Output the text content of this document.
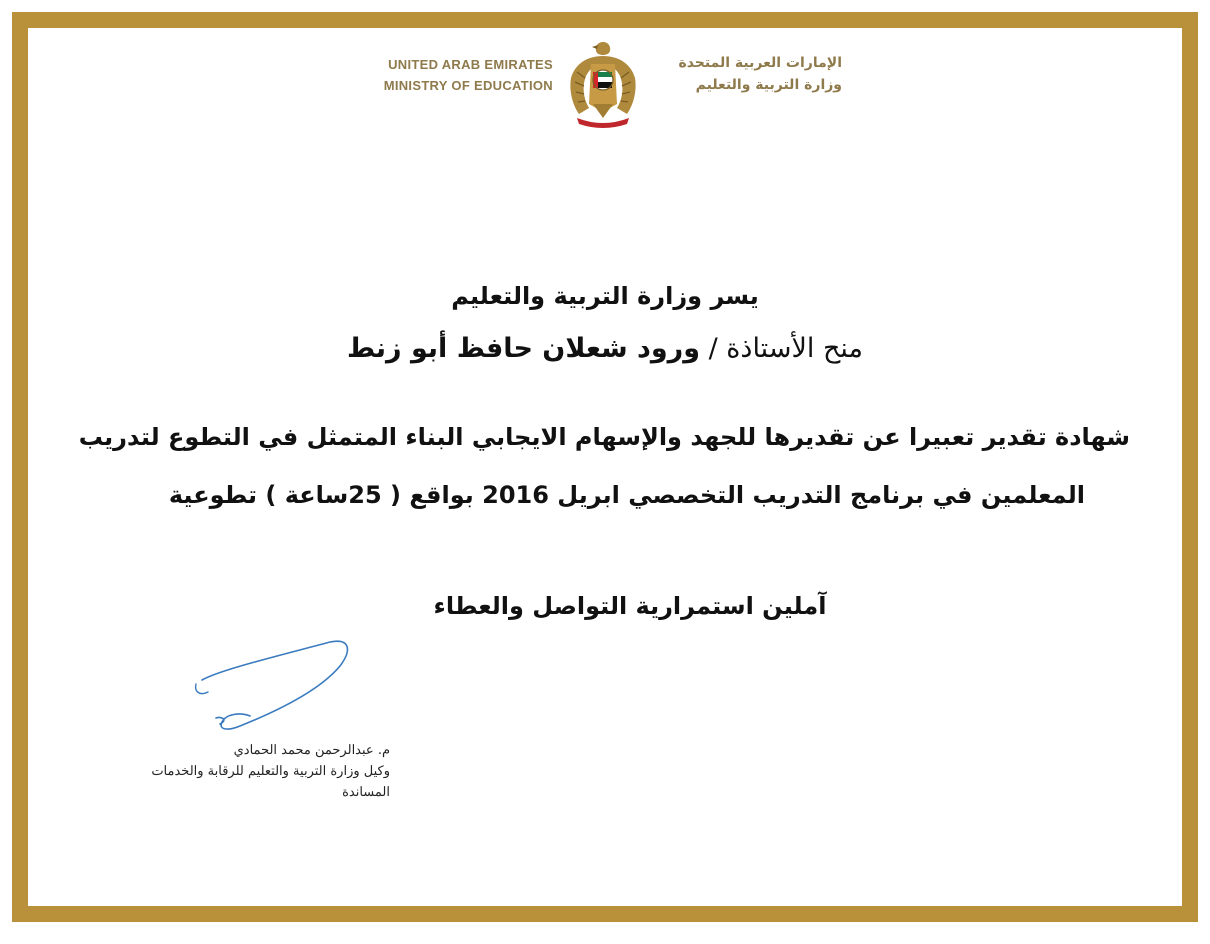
UNITED ARAB EMIRATES
MINISTRY OF EDUCATION
الإمارات العربية المتحدة
وزارة التربية والتعليم
يسر وزارة التربية والتعليم
منح الأستاذة / ورود شعلان حافظ أبو زنط
شهادة تقدير تعبيرا عن تقديرها للجهد والإسهام الايجابي البناء المتمثل في التطوع لتدريب
المعلمين في برنامج التدريب التخصصي ابريل 2016 بواقع ( 25ساعة ) تطوعية
آملين استمرارية التواصل والعطاء
م. عبدالرحمن محمد الحمادي
وكيل وزارة التربية والتعليم للرقابة والخدمات المساندة
